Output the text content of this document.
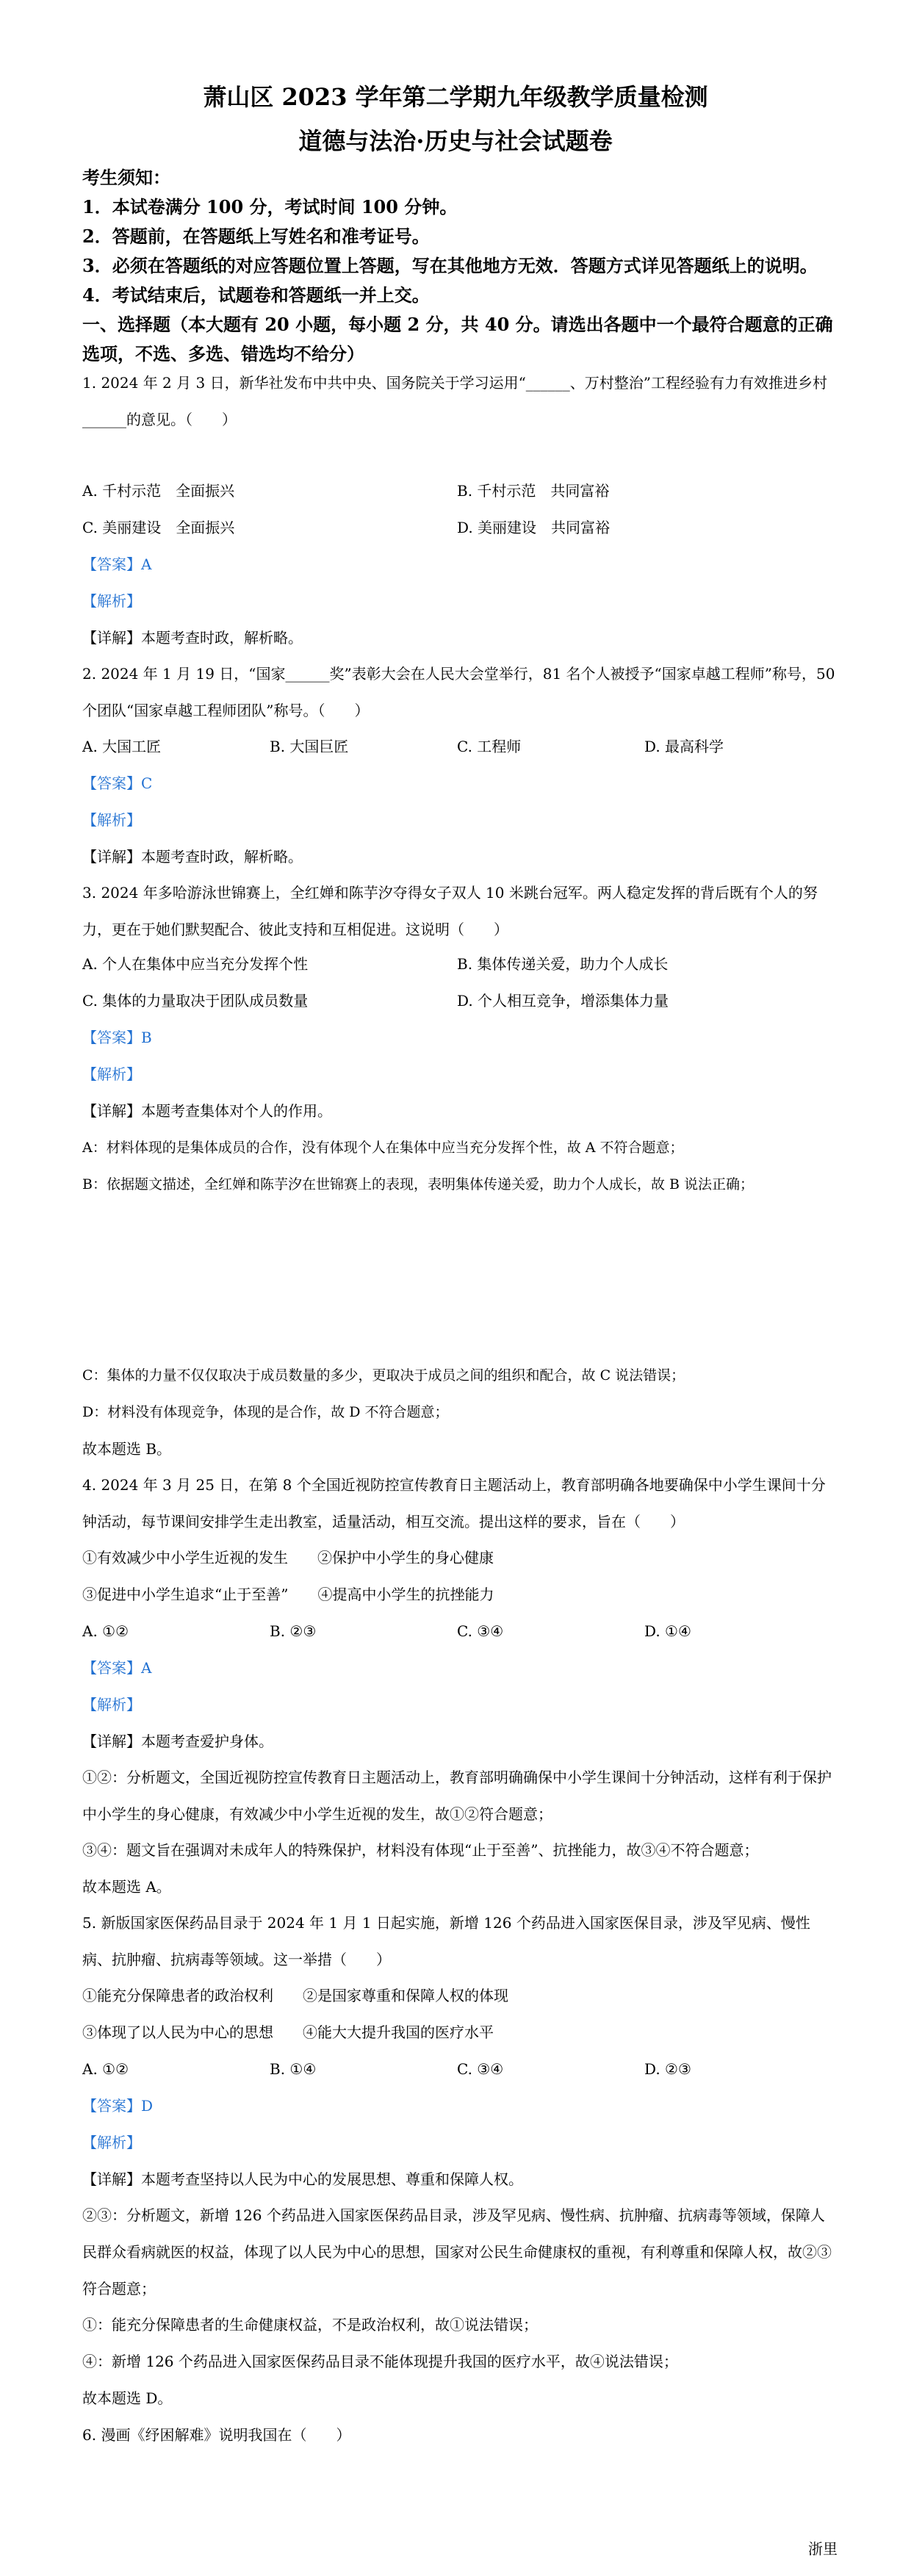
萧山区 2023 学年第二学期九年级教学质量检测
道德与法治·历史与社会试题卷
考生须知：
1．本试卷满分 100 分，考试时间 100 分钟。
2．答题前，在答题纸上写姓名和准考证号。
3．必须在答题纸的对应答题位置上答题，写在其他地方无效．答题方式详见答题纸上的说明。
4．考试结束后，试题卷和答题纸一并上交。
一、选择题（本大题有 20 小题，每小题 2 分，共 40 分。请选出各题中一个最符合题意的正确选项，不选、多选、错选均不给分）
1. 2024 年 2 月 3 日，新华社发布中共中央、国务院关于学习运用“______、万村整治”工程经验有力有效推进乡村______的意见。（　　）
A. 千村示范　全面振兴	B. 千村示范　共同富裕
C. 美丽建设　全面振兴	D. 美丽建设　共同富裕
【答案】A
【解析】
【详解】本题考查时政，解析略。
2. 2024 年 1 月 19 日，“国家______奖”表彰大会在人民大会堂举行，81 名个人被授予“国家卓越工程师”称号，50 个团队“国家卓越工程师团队”称号。（　　）
A. 大国工匠	B. 大国巨匠	C. 工程师	D. 最高科学
【答案】C
【解析】
【详解】本题考查时政，解析略。
3. 2024 年多哈游泳世锦赛上，全红婵和陈芋汐夺得女子双人 10 米跳台冠军。两人稳定发挥的背后既有个人的努力，更在于她们默契配合、彼此支持和互相促进。这说明（　　）
A. 个人在集体中应当充分发挥个性	B. 集体传递关爱，助力个人成长
C. 集体的力量取决于团队成员数量	D. 个人相互竞争，增添集体力量
【答案】B
【解析】
【详解】本题考查集体对个人的作用。
A：材料体现的是集体成员的合作，没有体现个人在集体中应当充分发挥个性，故 A 不符合题意；
B：依据题文描述，全红婵和陈芋汐在世锦赛上的表现，表明集体传递关爱，助力个人成长，故 B 说法正确；
C：集体的力量不仅仅取决于成员数量的多少，更取决于成员之间的组织和配合，故 C 说法错误；
D：材料没有体现竞争，体现的是合作，故 D 不符合题意；
故本题选 B。
4. 2024 年 3 月 25 日，在第 8 个全国近视防控宣传教育日主题活动上，教育部明确各地要确保中小学生课间十分钟活动，每节课间安排学生走出教室，适量活动，相互交流。提出这样的要求，旨在（　　）
①有效减少中小学生近视的发生　　②保护中小学生的身心健康
③促进中小学生追求“止于至善”　　④提高中小学生的抗挫能力
A. ①②	B. ②③	C. ③④	D. ①④
【答案】A
【解析】
【详解】本题考查爱护身体。
①②：分析题文，全国近视防控宣传教育日主题活动上，教育部明确确保中小学生课间十分钟活动，这样有利于保护中小学生的身心健康，有效减少中小学生近视的发生，故①②符合题意；
③④：题文旨在强调对未成年人的特殊保护，材料没有体现“止于至善”、抗挫能力，故③④不符合题意；
故本题选 A。
5. 新版国家医保药品目录于 2024 年 1 月 1 日起实施，新增 126 个药品进入国家医保目录，涉及罕见病、慢性病、抗肿瘤、抗病毒等领域。这一举措（　　）
①能充分保障患者的政治权利　　②是国家尊重和保障人权的体现
③体现了以人民为中心的思想　　④能大大提升我国的医疗水平
A. ①②	B. ①④	C. ③④	D. ②③
【答案】D
【解析】
【详解】本题考查坚持以人民为中心的发展思想、尊重和保障人权。
②③：分析题文，新增 126 个药品进入国家医保药品目录，涉及罕见病、慢性病、抗肿瘤、抗病毒等领域，保障人民群众看病就医的权益，体现了以人民为中心的思想，国家对公民生命健康权的重视，有利尊重和保障人权，故②③符合题意；
①：能充分保障患者的生命健康权益，不是政治权利，故①说法错误；
④：新增 126 个药品进入国家医保药品目录不能体现提升我国的医疗水平，故④说法错误；
故本题选 D。
6. 漫画《纾困解难》说明我国在（　　）
浙里
